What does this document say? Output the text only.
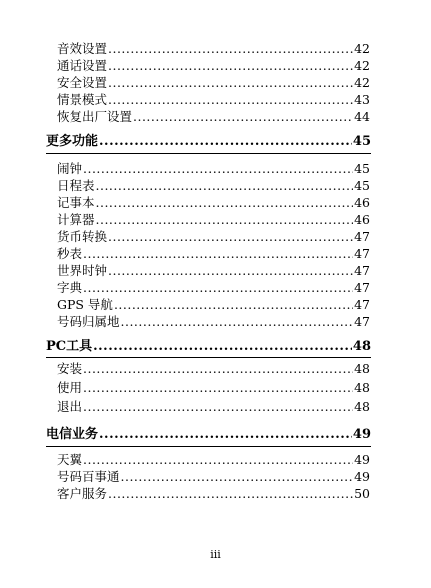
音效设置 .....	42
通话设置 .....	42
安全设置 .....	42
情景模式 .....	43
恢复出厂设置 .....	44
更多功能 .....	45
闹钟 .....	45
日程表 .....	45
记事本 .....	46
计算器 .....	46
货币转换 .....	47
秒表 .....	47
世界时钟 .....	47
字典 .....	47
GPS 导航 .....	47
号码归属地 .....	47
PC工具 .....	48
安装 .....	48
使用 .....	48
退出 .....	48
电信业务 .....	49
天翼 .....	49
号码百事通 .....	49
客户服务 .....	50
iii
